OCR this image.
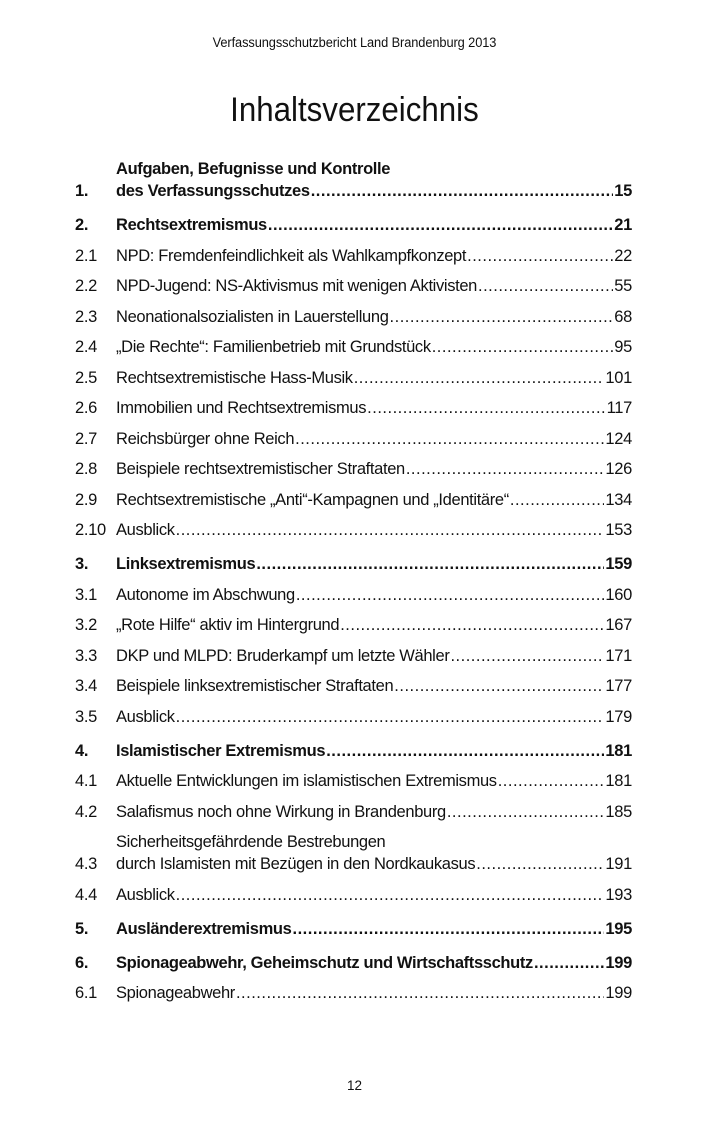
Verfassungsschutzbericht Land Brandenburg 2013
Inhaltsverzeichnis
1.
Aufgaben, Befugnisse und Kontrolle
des Verfassungsschutzes .....	15
2.	Rechtsextremismus .....	21
2.1	NPD: Fremdenfeindlichkeit als Wahlkampfkonzept .....	22
2.2	NPD-Jugend: NS-Aktivismus mit wenigen Aktivisten .....	55
2.3	Neonationalsozialisten in Lauerstellung .....	68
2.4	„Die Rechte“: Familienbetrieb mit Grundstück .....	95
2.5	Rechtsextremistische Hass-Musik .....	101
2.6	Immobilien und Rechtsextremismus .....	117
2.7	Reichsbürger ohne Reich .....	124
2.8	Beispiele rechtsextremistischer Straftaten .....	126
2.9	Rechtsextremistische „Anti“-Kampagnen und „Identitäre“ .....	134
2.10 Ausblick .....	153
3.	Linksextremismus .....	159
3.1	Autonome im Abschwung .....	160
3.2	„Rote Hilfe“ aktiv im Hintergrund .....	167
3.3	DKP und MLPD: Bruderkampf um letzte Wähler .....	171
3.4	Beispiele linksextremistischer Straftaten .....	177
3.5	Ausblick .....	179
4.	Islamistischer Extremismus .....	181
4.1	Aktuelle Entwicklungen im islamistischen Extremismus .....	181
4.2	Salafismus noch ohne Wirkung in Brandenburg .....	185
4.3
Sicherheitsgefährdende Bestrebungen
durch Islamisten mit Bezügen in den Nordkaukasus .....	191
4.4	Ausblick .....	193
5.	Ausländerextremismus .....	195
6.	Spionageabwehr, Geheimschutz und Wirtschaftsschutz .....	199
6.1	Spionageabwehr .....	199
12
